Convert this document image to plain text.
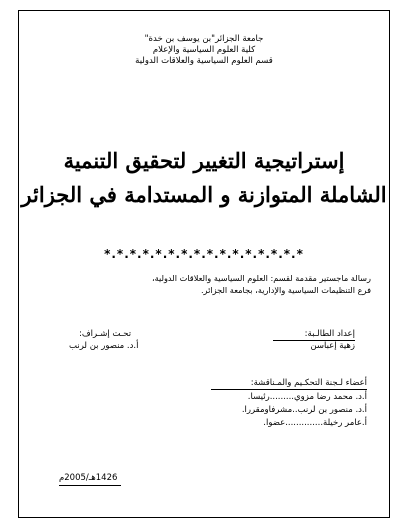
جامعة الجزائر"بن يوسف بن خدة"
كلية العلوم السياسية والإعلام
قسم العلوم السياسية والعلاقات الدولية
إستراتيجية التغيير لتحقيق التنمية
الشاملة المتوازنة و المستدامة في الجزائر
*.*.*.*.*.*.*.*.*.*.*.*.*.*.*.*
رسالة ماجستير مقدمة لقسم: العلوم السياسية والعلاقات الدولية،
فرع التنظيمات السياسية والإدارية، بجامعة الجزائر.
إعداد الطالـبة:
زهية إعباسن
تحـت إشـراف:
أ.د. منصور بن لرنب
أعضاء لـجنة التحكـيم والمـناقشة:
أ.د. محمد رضا مزوي.........رئيسا.
أ.د. منصور بن لرنب..مشرفاومقررا.
أ.عامر رخيلة..............عضوا.
1426هـ/2005م
